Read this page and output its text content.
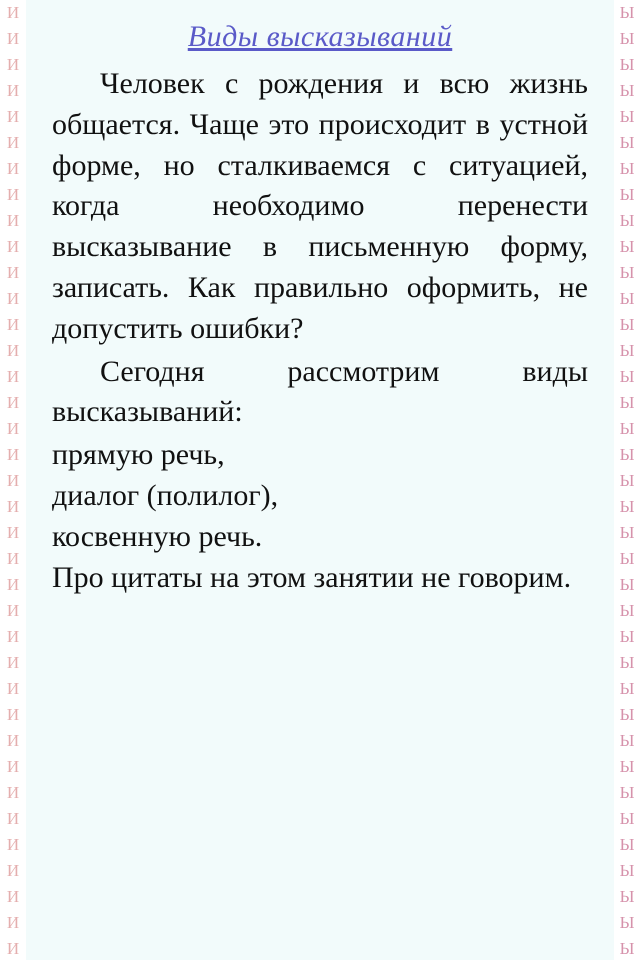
И
И
И
И
И
И
И
И
И
И
И
И
И
И
И
И
И
И
И
И
И
И
И
И
И
И
И
И
И
И
И
И
И
И
И
И
И
Виды высказываний

Человек с рождения и всю жизнь общается. Чаще это происходит в устной форме, но сталкиваемся с ситуацией, когда необходимо перенести высказывание в письменную форму, записать. Как правильно оформить, не допустить ошибки?

Сегодня рассмотрим виды высказываний:

прямую речь,

диалог (полилог),

косвенную речь.

Про цитаты на этом занятии не говорим.

Ы
Ы
Ы
Ы
Ы
Ы
Ы
Ы
Ы
Ы
Ы
Ы
Ы
Ы
Ы
Ы
Ы
Ы
Ы
Ы
Ы
Ы
Ы
Ы
Ы
Ы
Ы
Ы
Ы
Ы
Ы
Ы
Ы
Ы
Ы
Ы
Ы
